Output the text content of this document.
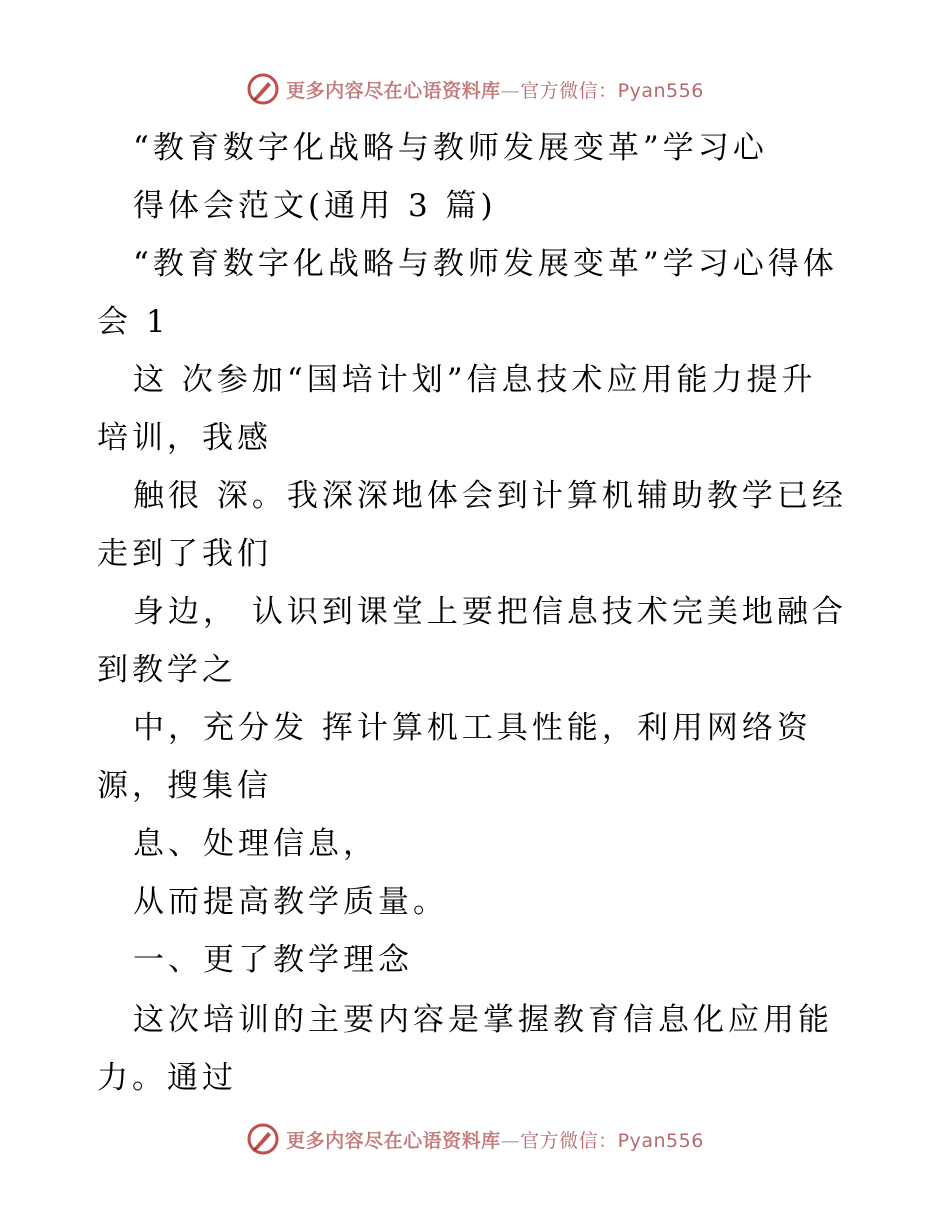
更多内容尽在心语资料库—官方微信：Pyan556
“教育数字化战略与教师发展变革”学习心
得体会范文(通用 3 篇)
“教育数字化战略与教师发展变革”学习心得体
会 1
这 次参加“国培计划”信息技术应用能力提升
培训，我感
触很 深。我深深地体会到计算机辅助教学已经
走到了我们
身边， 认识到课堂上要把信息技术完美地融合
到教学之
中，充分发 挥计算机工具性能，利用网络资
源，搜集信
息、处理信息，
从而提高教学质量。
一、更了教学理念
这次培训的主要内容是掌握教育信息化应用能
力。通过
更多内容尽在心语资料库—官方微信：Pyan556
